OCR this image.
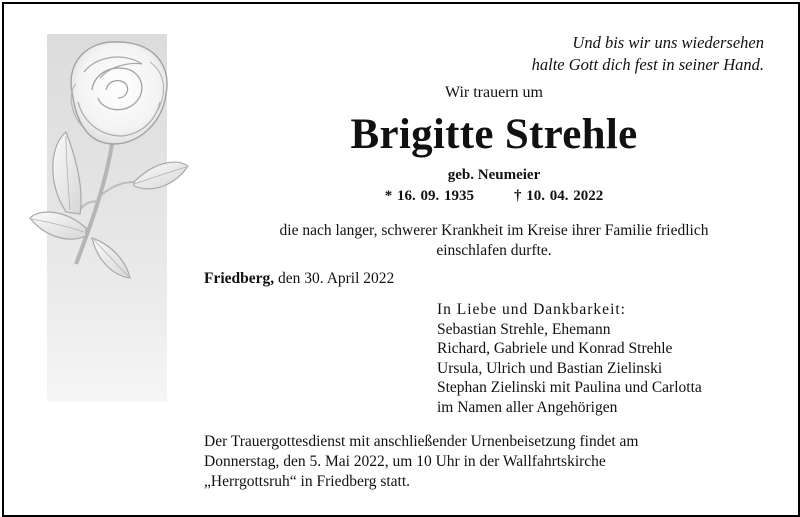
Und bis wir uns wiedersehen
halte Gott dich fest in seiner Hand.
Wir trauern um
Brigitte Strehle
geb. Neumeier
* 16. 09. 1935	† 10. 04. 2022
die nach langer, schwerer Krankheit im Kreise ihrer Familie friedlich
einschlafen durfte.
Friedberg, den 30. April 2022
In Liebe und Dankbarkeit:
Sebastian Strehle, Ehemann
Richard, Gabriele und Konrad Strehle
Ursula, Ulrich und Bastian Zielinski
Stephan Zielinski mit Paulina und Carlotta
im Namen aller Angehörigen
Der Trauergottesdienst mit anschließender Urnenbeisetzung findet am
Donnerstag, den 5. Mai 2022, um 10 Uhr in der Wallfahrtskirche
„Herrgottsruh“ in Friedberg statt.
